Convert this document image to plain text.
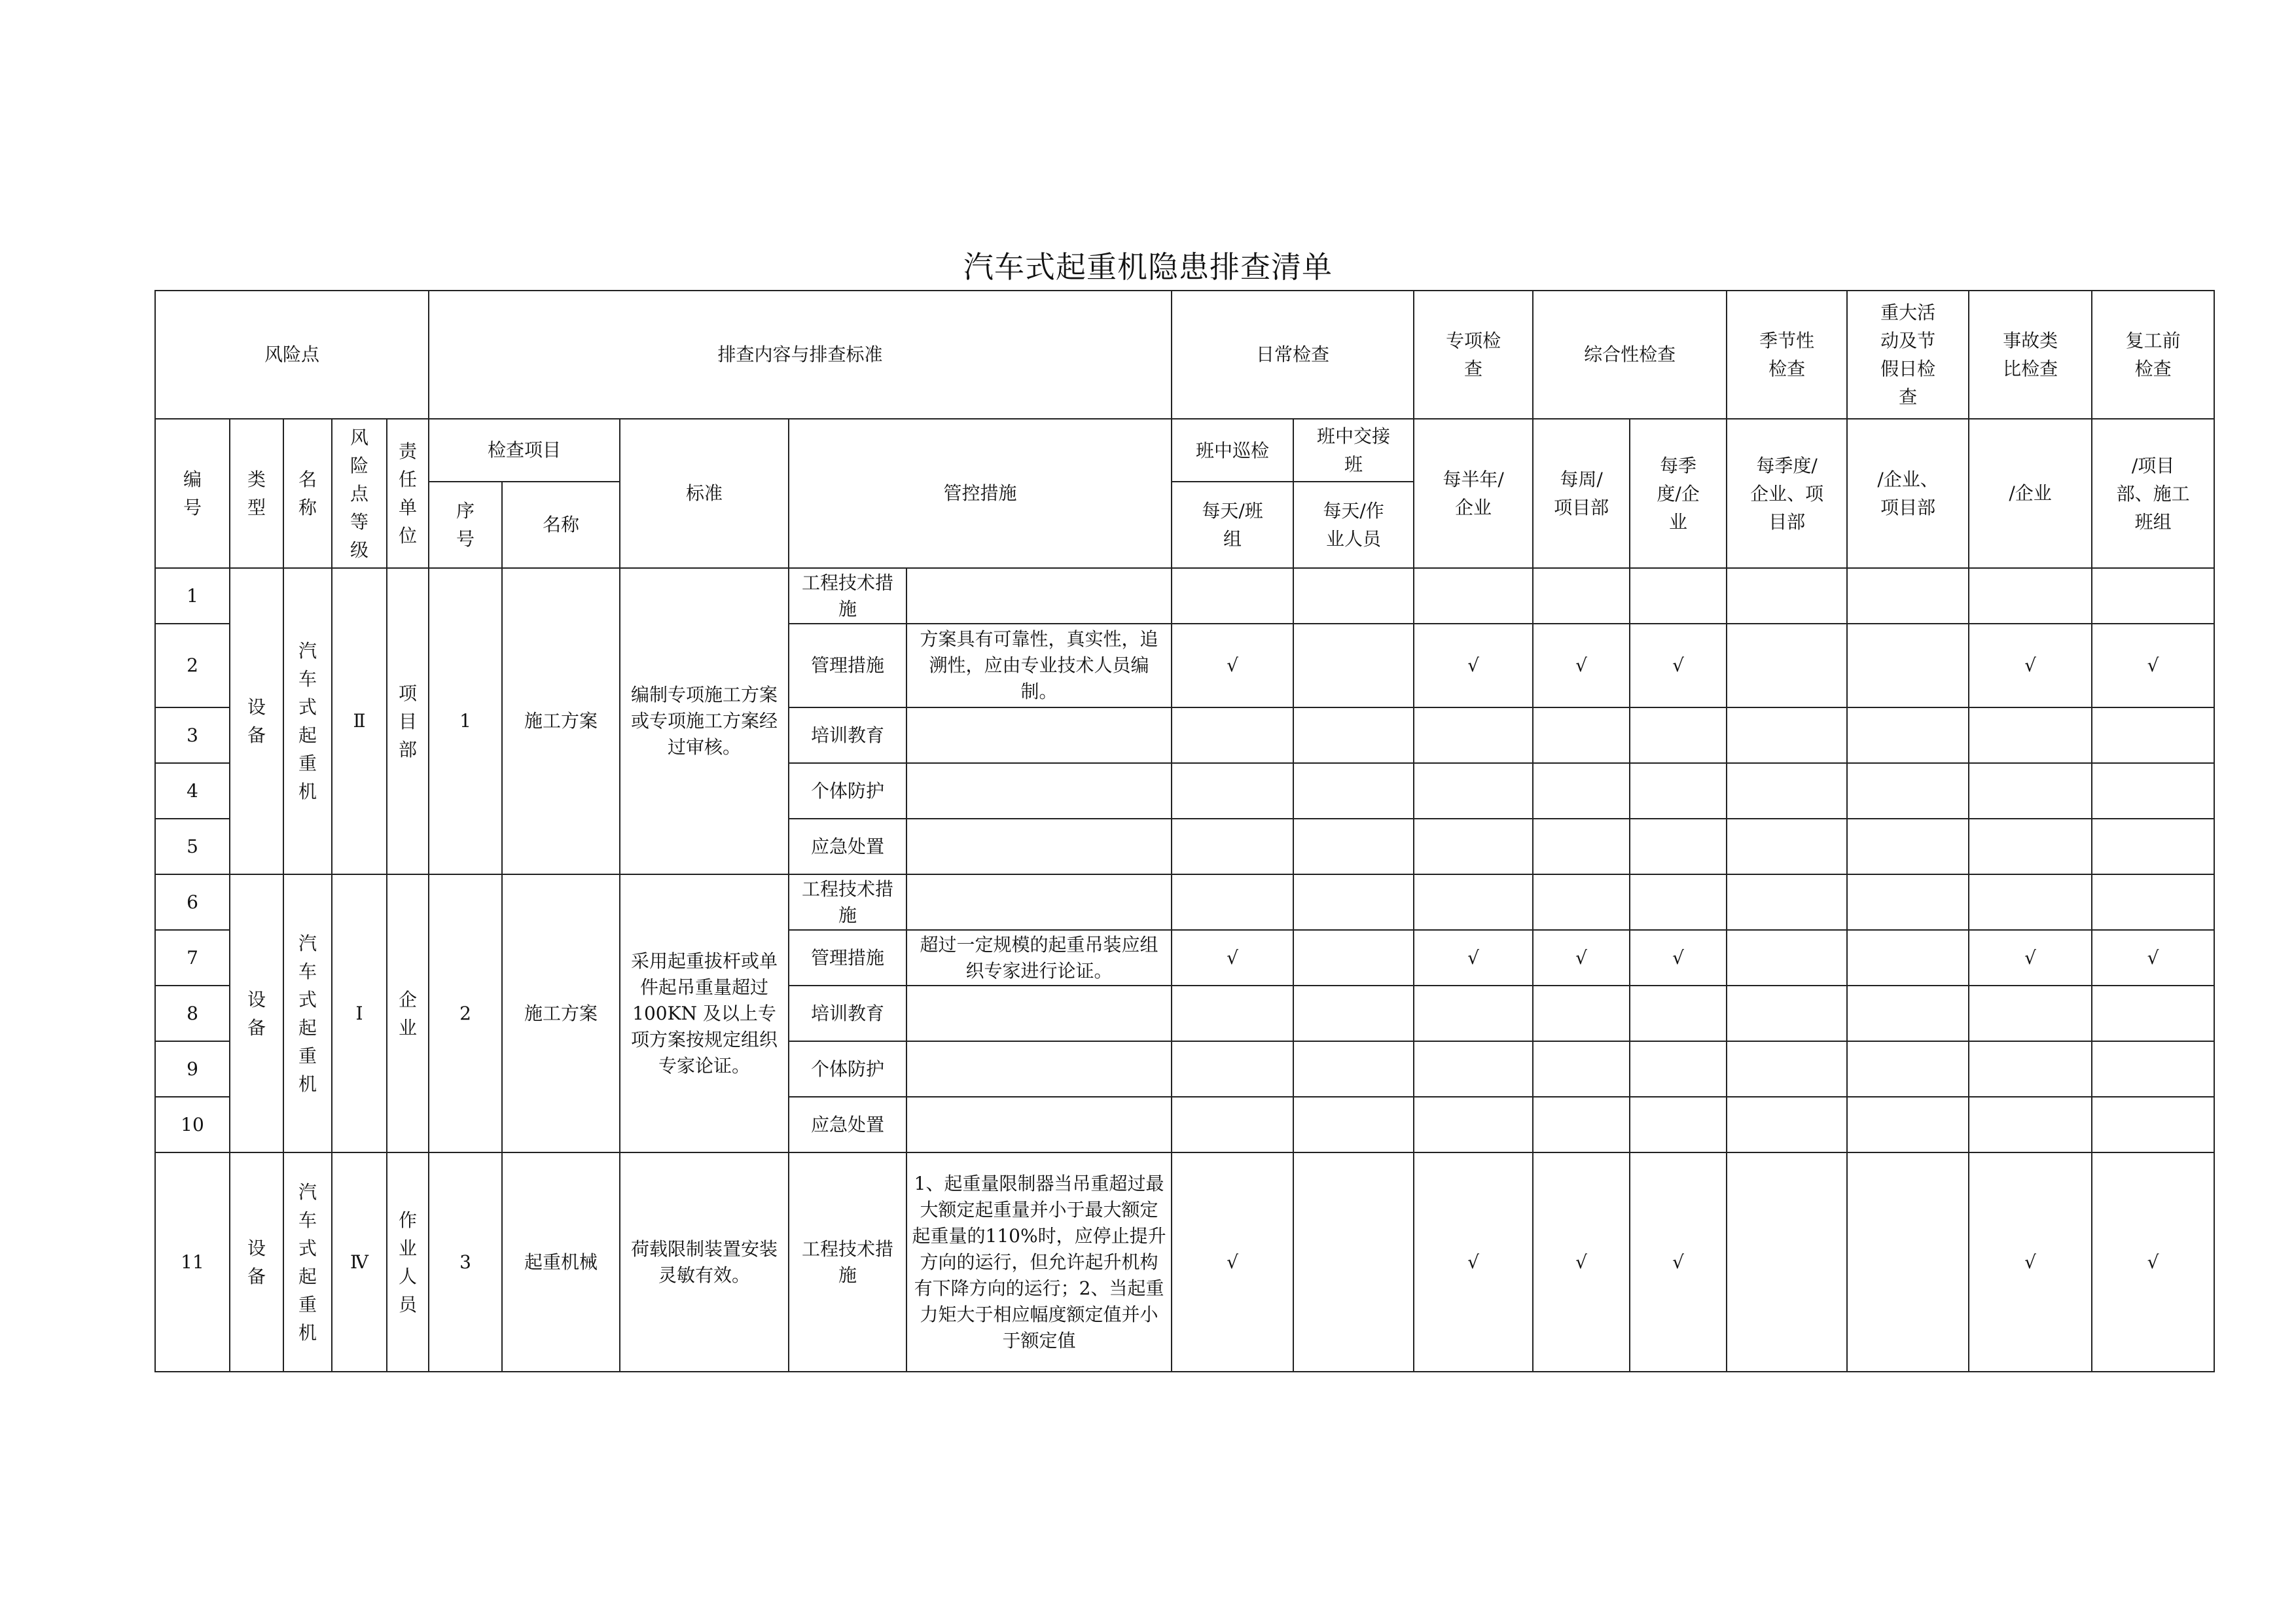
汽车式起重机隐患排查清单
风险点					排查内容与排查标准					日常检查		专项检查	综合性检查		季节性检查	重大活动及节假日检查	事故类比检查	复工前检查
编号	类型	名称	风险点等级	责任单位	检查项目		标准	管控措施		班中巡检	班中交接班	每半年/企业	每周/项目部	每季度/企业	每季度/企业、项目部	/企业、项目部	/企业	/项目部、施工班组
					序号	名称				每天/班组	每天/作业人员							
1	设备	汽车式起重机	Ⅱ	项目部	1	施工方案	编制专项施工方案或专项施工方案经过审核。	工程技术措施										
2								管理措施	方案具有可靠性，真实性，追溯性，应由专业技术人员编制。	√		√	√	√			√	√
3								培训教育										
4								个体防护										
5								应急处置										
6	设备	汽车式起重机	Ⅰ	企业	2	施工方案	采用起重拔杆或单件起吊重量超过 100KN 及以上专项方案按规定组织专家论证。	工程技术措施										
7								管理措施	超过一定规模的起重吊装应组织专家进行论证。	√		√	√	√			√	√
8								培训教育										
9								个体防护										
10								应急处置										
11	设备	汽车式起重机	Ⅳ	作业人员	3	起重机械	荷载限制装置安装灵敏有效。	工程技术措施	1、起重量限制器当吊重超过最大额定起重量并小于最大额定起重量的110%时，应停止提升方向的运行，但允许起升机构有下降方向的运行；2、当起重力矩大于相应幅度额定值并小于额定值	√		√	√	√			√	√
